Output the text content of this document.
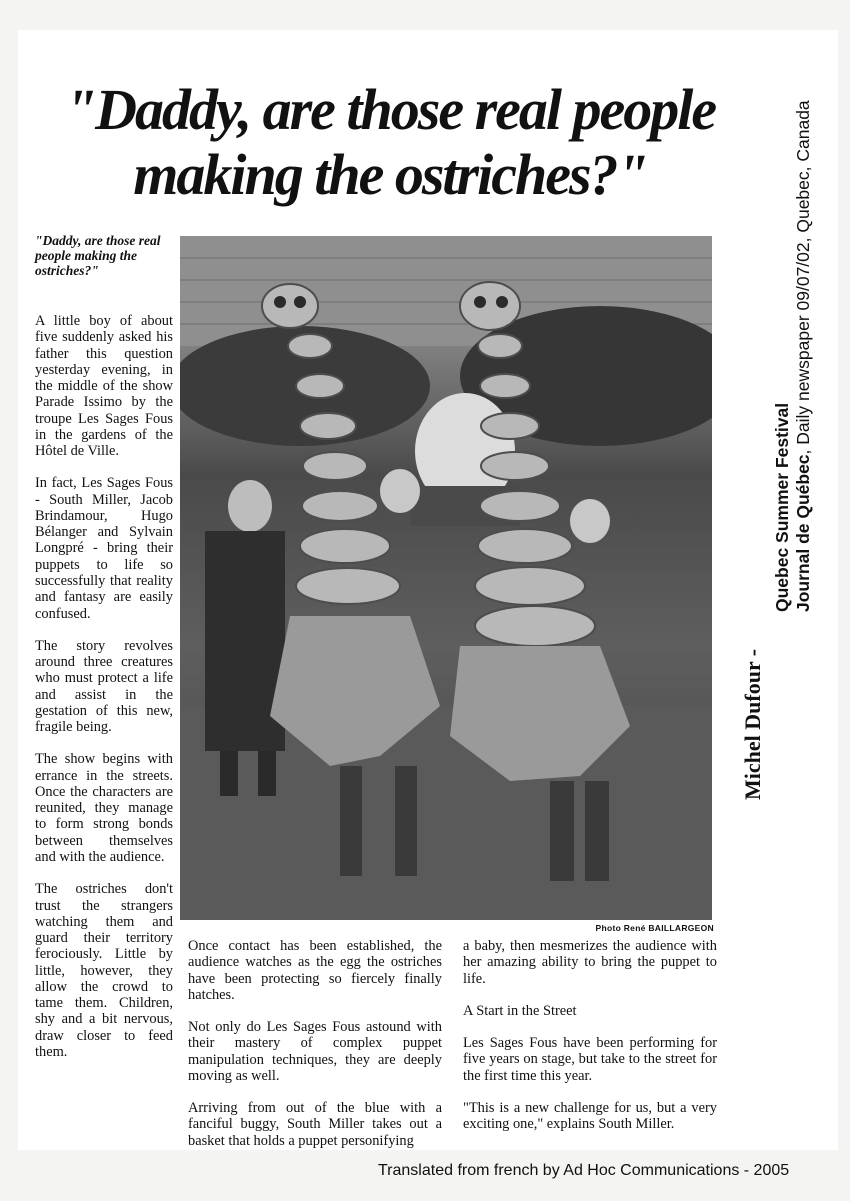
"Daddy, are those real people
making the ostriches?"

"Daddy, are those real people making the ostriches?"

A little boy of about five suddenly asked his father this question yesterday evening, in the middle of the show Parade Issimo by the troupe Les Sages Fous in the gardens of the Hôtel de Ville.

In fact, Les Sages Fous - South Miller, Jacob Brindamour, Hugo Bélanger and Sylvain Longpré - bring their puppets to life so successfully that reality and fantasy are easily confused.

The story revolves around three creatures who must protect a life and assist in the gestation of this new, fragile being.

The show begins with errance in the streets. Once the characters are reunited, they manage to form strong bonds between themselves and with the audience.

The ostriches don't trust the strangers watching them and guard their territory ferociously. Little by little, however, they allow the crowd to tame them. Children, shy and a bit nervous, draw closer to feed them.

Photo René BAILLARGEON

Once contact has been established, the audience watches as the egg the ostriches have been protecting so fiercely finally hatches.

Not only do Les Sages Fous astound with their mastery of complex puppet manipulation techniques, they are deeply moving as well.

Arriving from out of the blue with a fanciful buggy, South Miller takes out a basket that holds a puppet personifying

a baby, then mesmerizes the audience with her amazing ability to bring the puppet to life.

A Start in the Street

Les Sages Fous have been performing for five years on stage, but take to the street for the first time this year.

"This is a new challenge for us, but a very exciting one," explains South Miller.

Michel Dufour -

Quebec Summer Festival Journal de Québec, Daily newspaper 09/07/02, Quebec, Canada

Translated from french by Ad Hoc Communications - 2005
